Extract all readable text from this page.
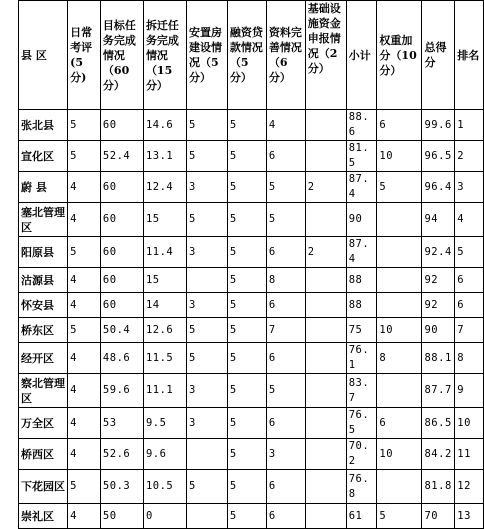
县 区	日常考评(5分)	目标任务完成情况（60分）	拆迁任务完成情况（15分）	安置房建设情况（5分）	融资贷款情况（5分）	资料完善情况（6分）	基础设施资金申报情况（2分）	小计	权重加分（10分）	总得分	排名

张北县	5	60	14.6	5	5	4		88.6	6	99.6	1
宣化区	5	52.4	13.1	5	5	6		81.5	10	96.5	2
蔚 县	4	60	12.4	3	5	5	2	87.4	5	96.4	3
塞北管理区	4	60	15	5	5	5		90		94	4
阳原县	5	60	11.4	3	5	6	2	87.4		92.4	5
沽源县	4	60	15		5	8		88		92	6
怀安县	4	60	14	3	5	6		88		92	6
桥东区	5	50.4	12.6	5	5	7		75	10	90	7
经开区	4	48.6	11.5	5	5	6		76.1	8	88.1	8
察北管理区	4	59.6	11.1	3	5	5		83.7		87.7	9
万全区	4	53	9.5	3	5	6		76.5	6	86.5	10
桥西区	4	52.6	9.6		5	3		70.2	10	84.2	11
下花园区	5	50.3	10.5	5	5	6		76.8		81.8	12
崇礼区	4	50	0		5	6		61	5	70	13
